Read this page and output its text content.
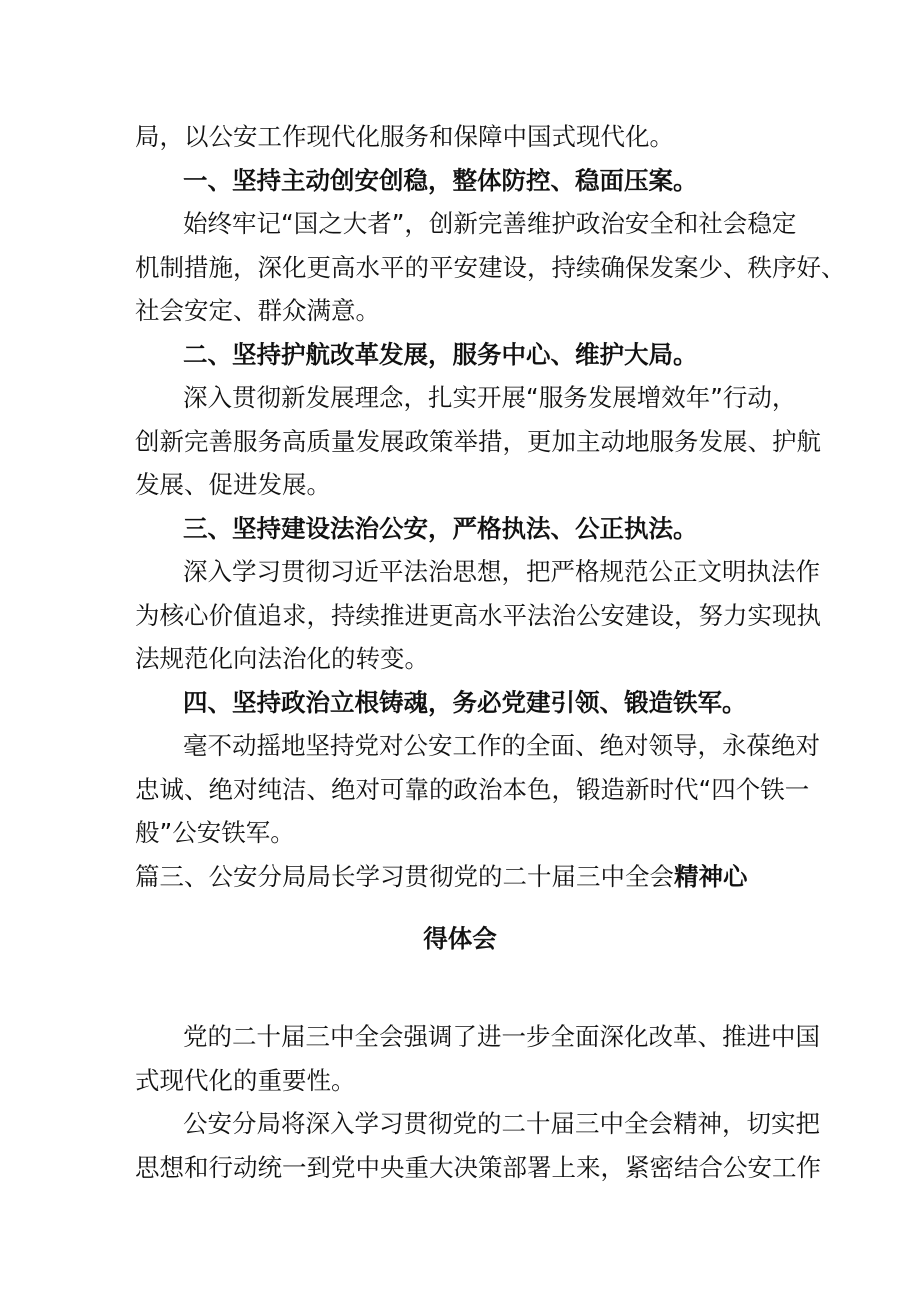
局，以公安工作现代化服务和保障中国式现代化。
一、坚持主动创安创稳，整体防控、稳面压案。
始终牢记“国之大者”，创新完善维护政治安全和社会稳定
机制措施，深化更高水平的平安建设，持续确保发案少、秩序好、
社会安定、群众满意。
二、坚持护航改革发展，服务中心、维护大局。
深入贯彻新发展理念，扎实开展“服务发展增效年”行动，
创新完善服务高质量发展政策举措，更加主动地服务发展、护航
发展、促进发展。
三、坚持建设法治公安，严格执法、公正执法。
深入学习贯彻习近平法治思想，把严格规范公正文明执法作
为核心价值追求，持续推进更高水平法治公安建设，努力实现执
法规范化向法治化的转变。
四、坚持政治立根铸魂，务必党建引领、锻造铁军。
毫不动摇地坚持党对公安工作的全面、绝对领导，永葆绝对
忠诚、绝对纯洁、绝对可靠的政治本色，锻造新时代“四个铁一
般”公安铁军。
篇三、公安分局局长学习贯彻党的二十届三中全会精神心
得体会
党的二十届三中全会强调了进一步全面深化改革、推进中国
式现代化的重要性。
公安分局将深入学习贯彻党的二十届三中全会精神，切实把
思想和行动统一到党中央重大决策部署上来，紧密结合公安工作
